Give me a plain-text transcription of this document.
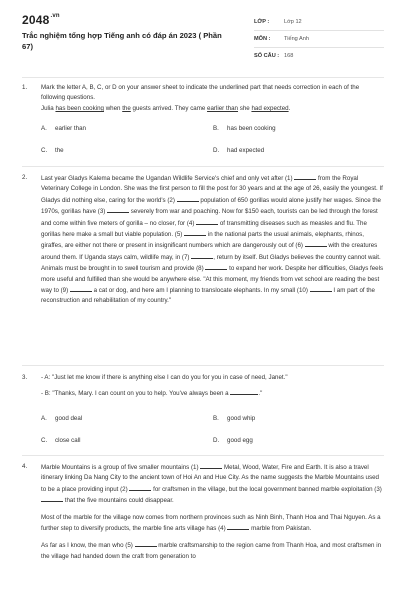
$2048^{.vn}$
Trắc nghiệm tổng hợp Tiếng anh có đáp án 2023 ( Phần 67)
LỚP :	Lớp 12
MÔN : Tiếng Anh
SỐ CÂU : 168
1. Mark the letter A, B, C, or D on your answer sheet to indicate the underlined part that needs correction in each of the following questions.

Julia has been cooking when the guests arrived. They came earlier than she had expected.

A. earlier than	B. has been cooking
C. the	D. had expected
2. Last year Gladys Kalema became the Ugandan Wildlife Service's chief and only vet after (1)	from the Royal Veterinary College in London. She was the first person to fill the post for 30 years and at the age of 26, easily the youngest. If Gladys did nothing else, caring for the world's (2)	population of 650 gorillas would alone justify her wages. Since the 1970s, gorillas have (3)	severely from war and poaching. Now for $150 each, tourists can be led through the forest and come within five meters of gorilla – no closer, for (4)	of transmitting diseases such as measles and flu. The gorillas here make a small but viable population. (5)	in the national parts the usual animals, elephants, rhinos, giraffes, are either not there or present in insignificant numbers which are dangerously out of (6)	with the creatures around them. If Uganda stays calm, wildlife may, in (7)	, return by itself. But Gladys believes the country cannot wait. Animals must be brought in to swell tourism and provide (8)	to expand her work. Despite her difficulties, Gladys feels more useful and fulfilled than she would be anywhere else. "At this moment, my friends from vet school are reading the best way to (9)	a cat or dog, and here am I planning to translocate elephants. In my small (10)	I am part of the reconstruction and rehabilitation of my country."

3. - A: "Just let me know if there is anything else I can do you for you in case of need, Janet."

- B: "Thanks, Mary. I can count on you to help. You've always been a	."

A. good deal	B. good whip
C. close call	D. good egg
4. Marble Mountains is a group of five smaller mountains (1)	Metal, Wood, Water, Fire and Earth. It is also a travel itinerary linking Da Nang City to the ancient town of Hoi An and Hue City. As the name suggests the Marble Mountains used to be a place providing input (2)	for craftsmen in the village, but the local government banned marble exploitation (3)  that the five mountains could disappear.

Most of the marble for the village now comes from northern provinces such as Ninh Binh, Thanh Hoa and Thai Nguyen. As a further step to diversify products, the marble fine arts village has (4)	marble from Pakistan.

As far as I know, the man who (5)	marble craftsmanship to the region came from Thanh Hoa, and most craftsmen in the village had handed down the craft from generation to
